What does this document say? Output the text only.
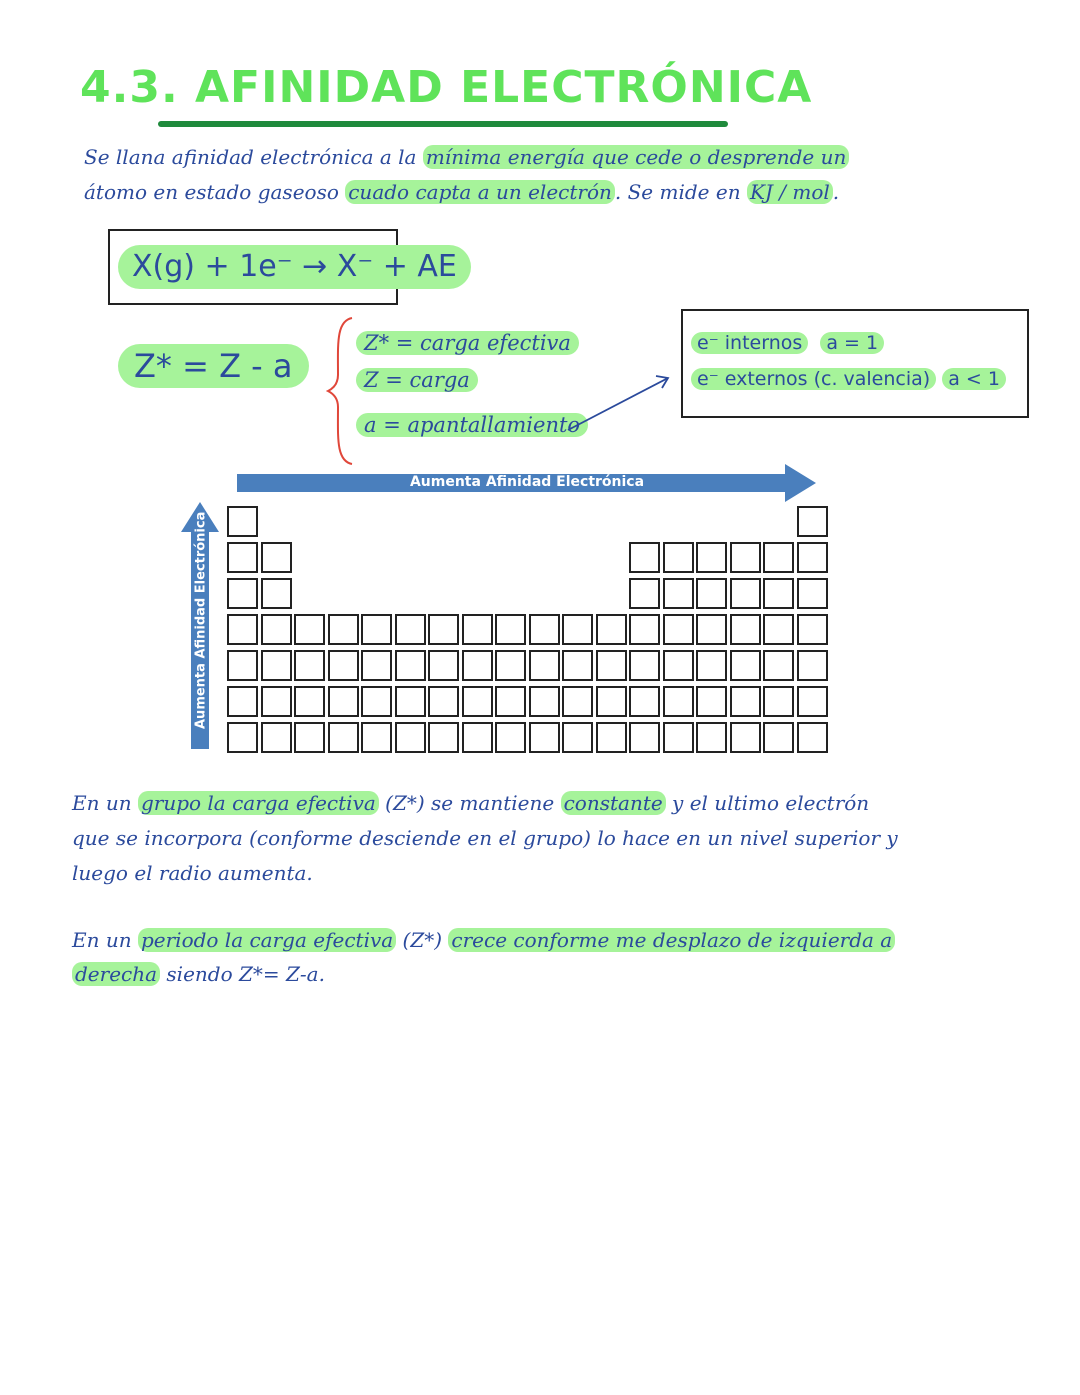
4.3. AFINIDAD ELECTRÓNICA
Se llana afinidad electrónica a la mínima energía que cede o desprende un
átomo en estado gaseoso cuado capta a un electrón . Se mide en KJ / mol .
X(g) + 1e⁻ → X⁻ + AE
Z* = Z - a
Z* = carga efectiva
Z = carga
a = apantallamiento
e⁻ internos a = 1
e⁻ externos (c. valencia) a < 1
Aumenta Afinidad Electrónica
Aumenta Afinidad Electrónica
En un grupo la carga efectiva (Z*) se mantiene constante y el ultimo electrón
que se incorpora (conforme desciende en el grupo) lo hace en un nivel superior y
luego el radio aumenta.
En un periodo la carga efectiva (Z*) crece conforme me desplazo de izquierda a
derecha siendo Z*= Z-a.
